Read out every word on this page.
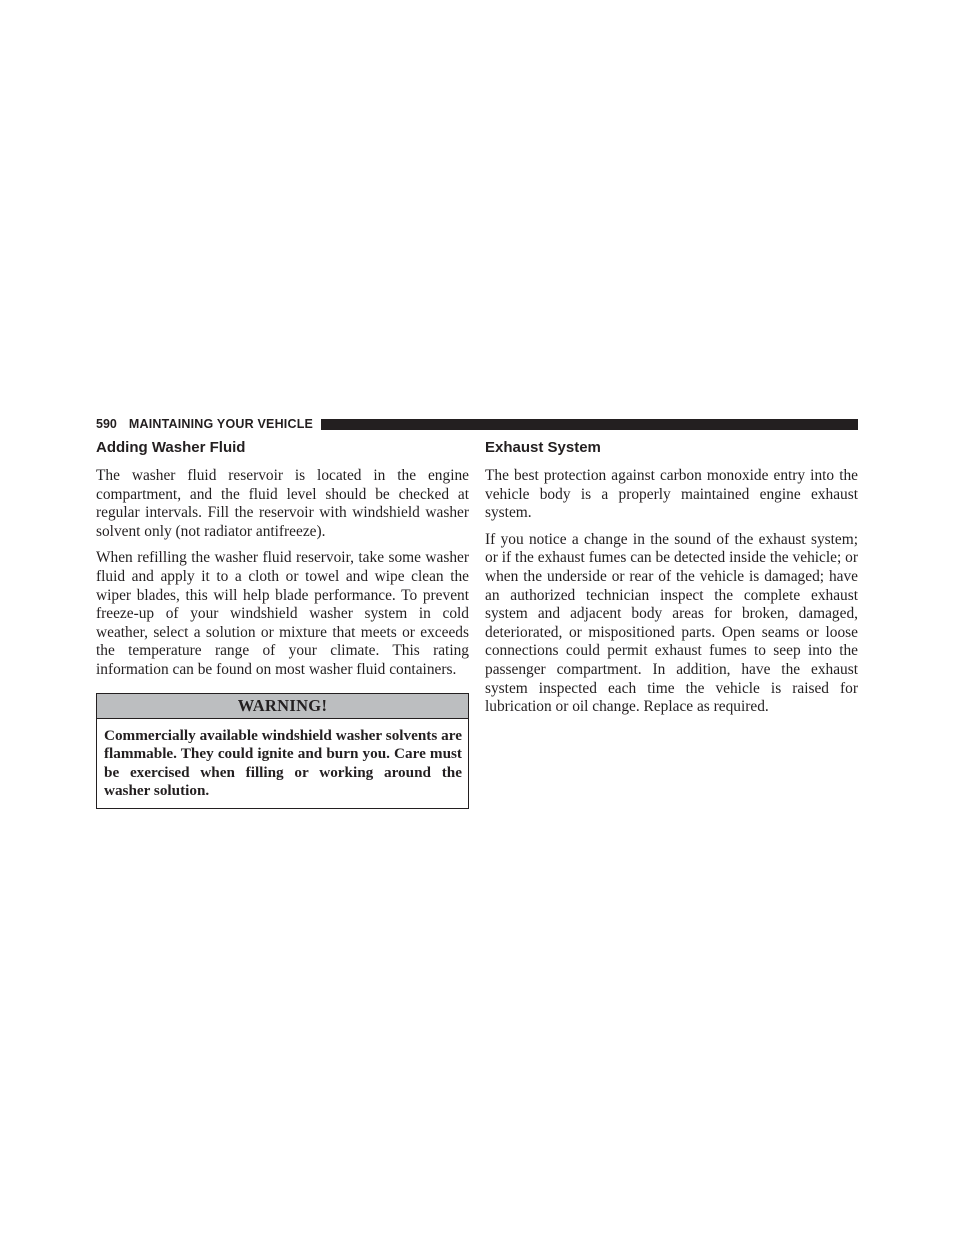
590 MAINTAINING YOUR VEHICLE
Adding Washer Fluid

The washer fluid reservoir is located in the engine compartment, and the fluid level should be checked at regular intervals. Fill the reservoir with windshield washer solvent only (not radiator antifreeze).

When refilling the washer fluid reservoir, take some washer fluid and apply it to a cloth or towel and wipe clean the wiper blades, this will help blade performance. To prevent freeze-up of your windshield washer system in cold weather, select a solution or mixture that meets or exceeds the temperature range of your climate. This rating information can be found on most washer fluid containers.

WARNING!
Commercially available windshield washer solvents are flammable. They could ignite and burn you. Care must be exercised when filling or working around the washer solution.
Exhaust System

The best protection against carbon monoxide entry into the vehicle body is a properly maintained engine exhaust system.

If you notice a change in the sound of the exhaust system; or if the exhaust fumes can be detected inside the vehicle; or when the underside or rear of the vehicle is damaged; have an authorized technician inspect the complete exhaust system and adjacent body areas for broken, damaged, deteriorated, or mispositioned parts. Open seams or loose connections could permit exhaust fumes to seep into the passenger compartment. In addition, have the exhaust system inspected each time the vehicle is raised for lubrication or oil change. Replace as required.
